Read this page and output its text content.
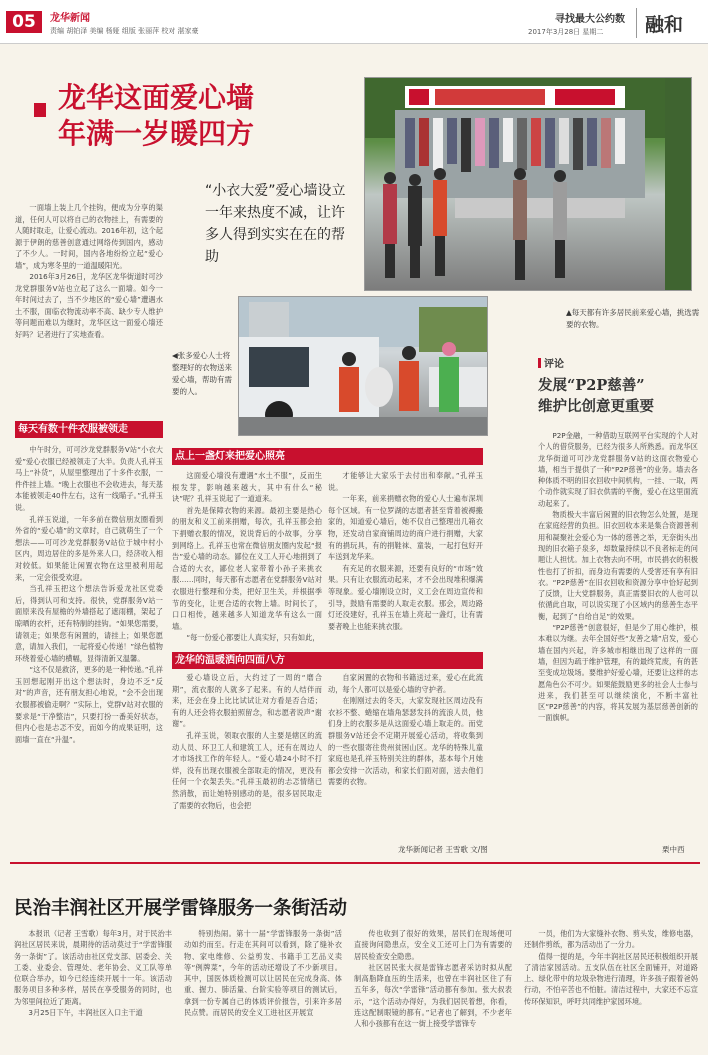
05	龙华新闻
责编 胡铂泽 美编 杨娅 组版 张丽萍 校对 湛家豪
寻找最大公约数
2017年3月28日 星期二 融和
龙华这面爱心墙
年满一岁暖四方
“小衣大爱”爱心墙设立一年来热度不减，让许多人得到实实在在的帮助
▲每天都有许多居民前来爱心墙，挑选需要的衣物。
◀张多爱心人士将整理好的衣物送来爱心墙，帮助有需要的人。

一面墙上装上几个挂钩，便成为分享的渠道，任何人可以将自己的衣物挂上，有需要的人随时取走，让爱心流动。2016年初，这个起源于伊朗的慈善创意通过网络传到国内，感动了不少人。一时间，国内各地纷纷立起“爱心墙”，成为寒冬里的一道温暖阳光。

2016年3月26日，龙华区龙华街道时可沙龙党群服务V站也立起了这么一面墙。如今一年时间过去了，当不少地区的“爱心墙”遭遇水土不服，面临衣物流动率不高、缺少专人维护等问题而难以为继时，龙华区这一面爱心墙还好吗？记者进行了实地查看。

每天有数十件衣服被领走

中午时分，可可沙龙党群服务V站“小衣大爱”爱心衣服已经被领走了大半。负责人孔祥玉马上“补货”，从屋里整理出了十多件衣服，一件件挂上墙。“晚上衣服也不会收进去，每天基本能被领走40件左右，这有一线瞄子。”孔祥玉说。

孔祥玉说道，一年多前在微信朋友圈看到外省的“爱心墙”的文章时，自己就萌生了一个想法——可可沙龙党群服务V站位于城中村小区内，周边居住的多是外来人口，经济收入相对较低。如果能让闲置衣物在这里被利用起来，一定会很受欢迎。

当孔祥玉把这个想法告诉爱龙社区党委后，得到认可和支持。很快，党群服务V站一面原来没有屋檐的外墙搭起了遮雨棚，架起了晾晒的衣杆，还有特制的挂钩。“如果您需要，请领走；如果您有闲置的，请挂上；如果您愿意，请加入我们，一起将爱心传递！”绿色植物环绕着爱心墙的横幅，显得清新又温馨。

“这不仅是救济，更多的是一种传递。”孔祥玉回想起刚开出这个想法时，身边不乏“反对”的声音，还有朋友担心地说，“会不会出现衣服都被偷走啊？”实际上，党群V站对衣服的要求是“干净整洁”，只要打扮一番美好状态，但内心也是忐忑不安，而如今的成果证明，这面墙一直在“升温”。

点上一盏灯来把爱心照亮

这面爱心墙没有遭遇“水土不服”，反而生根发芽，影响越来越大，其中有什么“秘诀”呢？孔祥玉说起了一道道来。

首先是保障衣物的来源。最初主要是热心的朋友和义工前来捐赠，每次，孔祥玉都会拍下捐赠衣服的情况，说说背后的小故事，分享到网络上。孔祥玉也常在微信朋友圈内发起“报告”爱心墙的动态。鄙位在义工人开心地捐到了合适的大衣，鄙位老人家带着小孙子来挑衣服……同时，每天都有志愿者在党群服务V站对衣服进行整理和分类，把好卫生关，并根据季节的变化，让更合适的衣物上墙。时间长了，口口相传，越来越多人知道龙华有这么一面墙。

“每一份爱心都要让人真实好，只有如此，

才能够让大家乐于去付出和奉献。”孔祥玉说。

一年来，前来捐赠衣物的爱心人士遍布深圳每个区域。有一位罗湖的志愿者甚至背着被褥搬家的，知道爱心墙后，她不仅自己整理出几箱衣物，还发动自家商铺周边的商户进行捐赠，大家有的捐玩具，有的捐鞋袜、童装，一起打包好开车送到龙华来。

有充足的衣服来源，还要有良好的“市场”效果。只有让衣服流动起来，才不会出现堆积爆满等现象。爱心墙刚设立时，义工会在周边宣传和引导，鼓励有需要的人取走衣服。那会，周边路灯还没建好，孔祥玉在墙上亮起一盏灯，让有需要者晚上也能来挑衣服。

龙华的温暖洒向四面八方

爱心墙设立后，大约过了一周的“磨合期”，流衣服的人就多了起来。有的人结伴而来，还会在身上比比试试让对方看是否合适；有的人还会将衣服拍照留念，和志愿者说声“谢谢”。

孔祥玉说，领取衣服的人主要是辖区的流动人员、环卫工人和建筑工人，还有在周边人才市场找工作的年轻人。“爱心墙24小时不打烊，没有出现衣服被全部取走的情况，更没有任何一个衣架丢失。”孔祥玉最初的忐忑情绪已然消散，而让她特别感动的是，很多居民取走了需要的衣物后，也会把

自家闲置的衣物和书籍送过来，爱心在此流动，每个人都可以是爱心墙的守护者。

在刚刚过去的冬天，大家发现社区周边没有衣衫不整、蜷缩在墙角瑟瑟发抖的流浪人员，他们身上的衣服多是从这面爱心墙上取走的。而党群服务V站还会不定期开展爱心活动，将收集到的一些衣服寄往贵州贫困山区。龙华的特殊儿童家庭也是孔祥玉特别关注的群体，基本每个月她都会安排一次活动，和家长们面对面，送去他们需要的衣物。

龙华新闻记者 王雪歌 文/图
评论
发展“P2P慈善”
维护比创意更重要

P2P金融，一种借助互联网平台实现的个人对个人的借贷服务，已经为很多人所熟悉。而龙华区龙华街道可可沙龙党群服务V站的这面衣物爱心墙，相当于提供了一种“P2P慈善”的业务。墙去各种体质不明的旧衣回收中间机构，一挂、一取，两个动作就实现了旧衣供需的平衡，爱心在这里面流动起来了。

物质极大丰富后闲置的旧衣物怎么处置，是现在家庭经营的负担。旧衣回收本来是集合资源善利用和凝聚社会爱心为一体的慈善之举，无奈街头出现的旧衣箱子泉多，却数量持续以不良者标走的问题让人担忧。加上衣物去向不明，市民捐衣的积极性也打了折扣，而身边有需要的人受害还有享有旧衣。“P2P慈善”在旧衣回收和资源分享中恰好起到了反馈，让大党群服务，真正需要旧衣的人也可以依循此自取，可以说实现了小区域内的慈善生态平衡，起到了“自给自足”的效果。

“P2P慈善”创意很好，但是少了用心维护，根本难以为继。去年全国好些“友善之墙”启发，爱心墙在国内兴起，许多城市相继出现了这样的一面墙，但因为疏于维护管理，有的最终荒废，有的甚至变成垃圾场。要维护好爱心墙，还要让这样的志愿角色公不可少。如果能鼓励更多的社会人士参与进来，我们甚至可以继续演化，不断丰富社区“P2P慈善”的内容，将其发展为基层慈善创新的一面旗帜。

栗中西
民治丰润社区开展学雷锋服务一条街活动

本报讯（记者 王雪歌）每年3月，对于民治丰润社区居民来说，晨期待的活动莫过于“学雷锋服务一条街”了。该活动由社区党支部、居委会、关工委、业委会、管理处、老年协会、义工队等单位联合举办，如今已经连续开展十一年。该活动服务项目多种多样，居民在享受服务的同时，也为邻里间拉近了距离。

3月25日下午，丰润社区入口主干道

特别热闹。第十一届“学雷锋服务一条街”活动如约而至。行走在其间可以看到，除了缝补衣物、家电维修、公益剪发、书籍手工艺品义卖等“例牌菜”，今年的活动还增设了不少新项目。其中，国医体质检测可以让居民在完成身高、体重、握力、肺活量、台阶实验等项目的测试后，拿到一份专属自己的体质评价报告，引来许多居民点赞。而居民的安全义工进社区开展宣

传也收到了很好的效果，居民们在现场便可直接询问隐患点，安全义工还可上门为有需要的居民检查安全隐患。

社区居民张大叔是雷锋志愿者采访时拟从配制高脂降血压的生活来，也曾在丰润社区住了有五年多，每次“学雷锋”活动都有参加。张大叔表示，“这个活动办得好，为我们居民着想，你看，连这配制眼镜的都有。”记者也了解到，不少老年人和小孩都有在这一街上接受学雷锋专

一员，他们为大家缝补衣物、剪头发，维修电器，还制作剪纸，都为活动出了一分力。

值得一提的是，今年丰润社区居民还积极组织开展了清洁家园活动。五支队伍在社区全面铺开，对道路上、绿化带中的垃圾杂物进行清理，许多孩子跟着爸妈行动，不怕辛苦也不怕脏。清洁过程中，大家还不忘宣传环保知识，呼吁共同维护家园环境。
